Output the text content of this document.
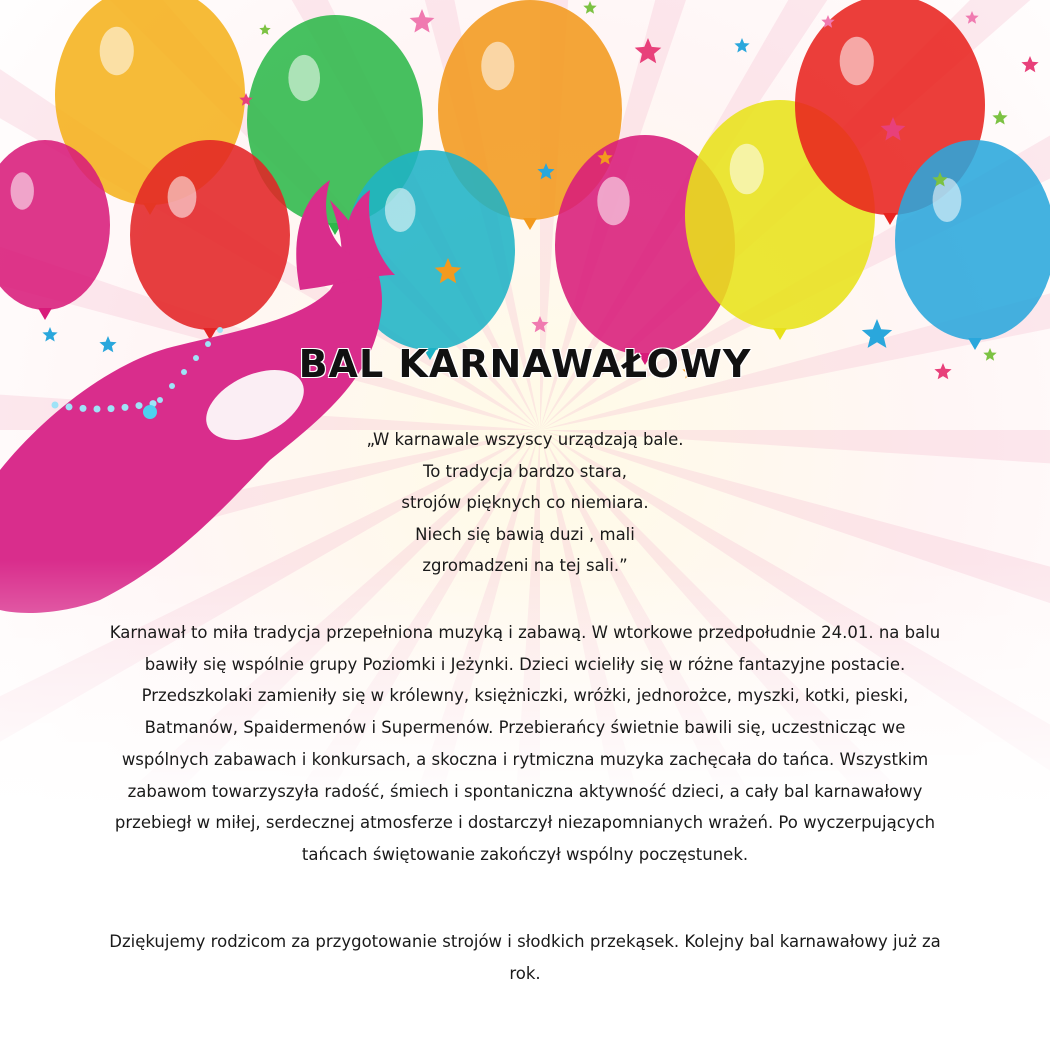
BAL KARNAWAŁOWY
„W karnawale wszyscy urządzają bale.
To tradycja bardzo stara,
strojów pięknych co niemiara.
Niech się bawią duzi , mali
zgromadzeni na tej sali.”
Karnawał to miła tradycja przepełniona muzyką i zabawą. W wtorkowe przedpołudnie 24.01. na balu bawiły się wspólnie grupy Poziomki i Jeżynki. Dzieci wcieliły się w różne fantazyjne postacie. Przedszkolaki zamieniły się w królewny, księżniczki, wróżki, jednorożce, myszki, kotki, pieski, Batmanów, Spaidermenów i Supermenów. Przebierańcy świetnie bawili się, uczestnicząc we wspólnych zabawach i konkursach, a skoczna i rytmiczna muzyka zachęcała do tańca. Wszystkim zabawom towarzyszyła radość, śmiech i spontaniczna aktywność dzieci, a cały bal karnawałowy przebiegł w miłej, serdecznej atmosferze i dostarczył niezapomnianych wrażeń. Po wyczerpujących tańcach świętowanie zakończył wspólny poczęstunek.
Dziękujemy rodzicom za przygotowanie strojów i słodkich przekąsek. Kolejny bal karnawałowy już za rok.
